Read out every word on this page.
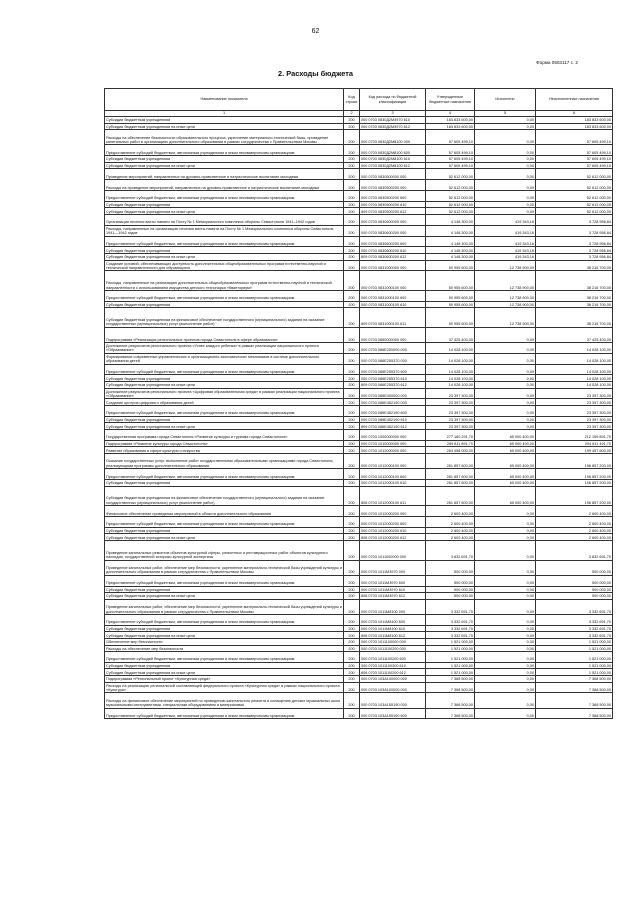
62
Форма 0503117 с. 2
2. Расходы бюджета
Наименование показателя	Код строки	Код расхода по бюджетной классификации	Утвержденные бюджетные назначения	Исполнено	Неисполненные назначения
1	2	3	4	5	6
Субсидии бюджетным учреждениям	200	000 0703 0830Д2М3970 610	183 833 600,00	0,00	183 833 600,00
Субсидии бюджетным учреждениям на иные цели	200	000 0703 0830Д2М3970 612	183 833 600,00	0,00	183 833 600,00
Расходы на обеспечение безопасности образовательного процесса, укрепление материально-технической базы, проведение капитальных работ в организациях дополнительного образования в рамках сотрудничества с Правительством Москвы	200	000 0703 0830Д2М8100 000	57 605 499,10	0,00	57 605 499,10
Предоставление субсидий бюджетным, автономным учреждениям и иным некоммерческим организациям	200	000 0703 0830Д2М8100 600	57 605 499,10	0,00	57 605 499,10
Субсидии бюджетным учреждениям	200	000 0703 0830Д2М8100 610	57 605 499,10	0,00	57 605 499,10
Субсидии бюджетным учреждениям на иные цели	200	000 0703 0830Д2М8100 612	57 605 499,10	0,00	57 605 499,10
Проведение мероприятий, направленных на духовно-нравственное и патриотическое воспитание молодежи	200	000 0703 0830500000 000	52 612 000,00	0,00	52 612 000,00
Расходы на проведение мероприятий, направленных на духовно-нравственное и патриотическое воспитание молодежи	200	000 0703 0830500200 000	52 612 000,00	0,00	52 612 000,00
Предоставление субсидий бюджетным, автономным учреждениям и иным некоммерческим организациям	200	000 0703 0830500200 600	52 612 000,00	0,00	52 612 000,00
Субсидии бюджетным учреждениям	200	000 0703 0830500200 610	52 612 000,00	0,00	52 612 000,00
Субсидии бюджетным учреждениям на иные цели	200	809 0703 0830500200 612	52 612 000,00	0,00	52 612 000,00
Организация несения вахты памяти на Посту № 1 Мемориального комплекса обороны Севастополя 1941–1942 годов	200	000 0703 0830600000 000	4 148 300,00	419 343,16	3 728 956,84
Расходы, направленные на организацию несения вахты памяти на Посту № 1 Мемориального комплекса обороны Севастополя 1941—1942 годов	200	000 0703 0830600200 000	4 148 300,00	419 343,16	3 728 956,84
Предоставление субсидий бюджетным, автономным учреждениям и иным некоммерческим организациям	200	000 0703 0830600200 600	4 148 300,00	419 343,16	3 728 956,84
Субсидии бюджетным учреждениям	200	000 0703 0830600200 610	4 148 300,00	419 343,16	3 728 956,84
Субсидии бюджетным учреждениям на иные цели	200	809 0703 0830600200 612	4 148 300,00	419 343,16	3 728 956,84
Создание условий, обеспечивающих доступность дополнительных общеобразовательных программ естественно-научной и технической направленности для обучающихся	200	000 0703 0831000000 000	50 955 600,00	12 738 900,00	38 216 700,00
Расходы, направленные на реализацию дополнительных общеобразовательных программ естественно-научной и технической направленности с использованием имущества детского технопарка «Кванториум»	200	000 0703 0831000100 000	50 955 600,00	12 738 900,00	38 216 700,00
Предоставление субсидий бюджетным, автономным учреждениям и иным некоммерческим организациям	200	000 0703 0831000100 600	50 955 600,00	12 738 900,00	38 216 700,00
Субсидии бюджетным учреждениям	200	000 0703 0831000100 610	50 955 600,00	12 738 900,00	38 216 700,00
Субсидии бюджетным учреждениям на финансовое обеспечение государственного (муниципального) задания на оказание государственных (муниципальных) услуг (выполнение работ)	200	809 0703 0831000100 611	50 955 600,00	12 738 900,00	38 216 700,00
Подпрограмма «Реализация региональных проектов города Севастополя в сфере образования»	200	000 0703 0860000000 000	37 425 400,00	0,00	37 425 400,00
Достижение результатов регионального проекта «Успех каждого ребенка» в рамках реализации национального проекта «Образование»	200	000 0703 086E200000 000	14 028 100,00	0,00	14 028 100,00
Формирование современных управленческих и организационно-экономических механизмов в системе дополнительного образования детей	200	000 0703 086E255370 000	14 028 100,00	0,00	14 028 100,00
Предоставление субсидий бюджетным, автономным учреждениям и иным некоммерческим организациям	200	000 0703 086E255370 600	14 028 100,00	0,00	14 028 100,00
Субсидии бюджетным учреждениям	200	000 0703 086E255370 610	14 028 100,00	0,00	14 028 100,00
Субсидии бюджетным учреждениям на иные цели	200	809 0703 086E255370 612	14 028 100,00	0,00	14 028 100,00
Достижение результатов регионального проекта «Цифровая образовательная среда» в рамках реализации национального проекта «Образование»	200	000 0703 086E400000 000	23 397 300,00	0,00	23 397 300,00
Создание центров цифрового образования детей	200	000 0703 086E452190 000	23 397 300,00	0,00	23 397 300,00
Предоставление субсидий бюджетным, автономным учреждениям и иным некоммерческим организациям	200	000 0703 086E452190 600	23 397 300,00	0,00	23 397 300,00
Субсидии бюджетным учреждениям	200	000 0703 086E452190 610	23 397 300,00	0,00	23 397 300,00
Субсидии бюджетным учреждениям на иные цели	200	809 0703 086E452190 612	23 397 300,00	0,00	23 397 300,00
Государственная программа города Севастополя «Развитие культуры и туризма города Севастополя»	200	000 0703 1000000000 000	277 160 291,70	65 000 400,00	212 159 891,70
Подпрограмма «Развитие культуры города Севастополя»	200	000 0703 1010000000 000	269 811 891,70	65 000 400,00	204 811 491,70
Развитие образования в сфере культуры и искусства	200	000 0703 1012000000 000	264 458 000,00	65 000 400,00	199 457 600,00
Оказание государственных услуг, выполнение работ государственными образовательными организациями города Севастополя, реализующими программы дополнительного образования	200	000 0703 1012000100 000	261 857 600,00	65 000 400,00	196 857 200,00
Предоставление субсидий бюджетным, автономным учреждениям и иным некоммерческим организациям	200	000 0703 1012000100 600	261 857 600,00	65 000 400,00	196 857 200,00
Субсидии бюджетным учреждениям	200	000 0703 1012000100 610	261 857 600,00	65 000 400,00	196 857 200,00
Субсидии бюджетным учреждениям на финансовое обеспечение государственного (муниципального) задания на оказание государственных (муниципальных) услуг (выполнение работ)	200	808 0703 1012000100 611	261 857 600,00	65 000 400,00	196 857 200,00
Финансовое обеспечение проведения мероприятий в области дополнительного образования	200	000 0703 1012000200 000	2 600 400,00	0,00	2 600 400,00
Предоставление субсидий бюджетным, автономным учреждениям и иным некоммерческим организациям	200	000 0703 1012000200 600	2 600 400,00	0,00	2 600 400,00
Субсидии бюджетным учреждениям	200	000 0703 1012000200 610	2 600 400,00	0,00	2 600 400,00
Субсидии бюджетным учреждениям на иные цели	200	808 0703 1012000200 612	2 600 400,00	0,00	2 600 400,00
Проведение капитальных ремонтов объектов культурной сферы, ремонтных и реставрационных работ объектов культурного наследия, государственной историко-культурной экспертизы	200	000 0703 1011000000 000	3 832 691,70	0,00	3 832 691,70
Проведение капитальных работ, обеспечение мер безопасности, укрепление материально-технической базы учреждений культуры и дополнительного образования в рамках сотрудничества с Правительством Москвы	200	000 0703 1011М3970 000	500 000,00	0,00	500 000,00
Предоставление субсидий бюджетным, автономным учреждениям и иным некоммерческим организациям	200	000 0703 1011М3970 600	500 000,00	0,00	500 000,00
Субсидии бюджетным учреждениям	200	000 0703 1011М3970 610	500 000,00	0,00	500 000,00
Субсидии бюджетным учреждениям на иные цели	200	808 0703 1011М3970 612	500 000,00	0,00	500 000,00
Проведение капитальных работ, обеспечение мер безопасности, укрепление материально-технической базы учреждений культуры и дополнительного образования в рамках сотрудничества с Правительством Москвы	200	000 0703 1011М8100 000	3 332 691,70	0,00	3 332 691,70
Предоставление субсидий бюджетным, автономным учреждениям и иным некоммерческим организациям	200	000 0703 1011М8100 600	3 332 691,70	0,00	3 332 691,70
Субсидии бюджетным учреждениям	200	000 0703 1011М8100 610	3 332 691,70	0,00	3 332 691,70
Субсидии бюджетным учреждениям на иные цели	200	808 0703 1011М8100 612	3 332 691,70	0,00	3 332 691,70
Обеспечение мер безопасности	200	000 0703 1011100000 000	1 521 000,00	0,00	1 521 000,00
Расходы на обеспечение мер безопасности	200	000 0703 1011100200 000	1 521 000,00	0,00	1 521 000,00
Предоставление субсидий бюджетным, автономным учреждениям и иным некоммерческим организациям	200	000 0703 1011100200 600	1 521 000,00	0,00	1 521 000,00
Субсидии бюджетным учреждениям	200	000 0703 1011100200 610	1 521 000,00	0,00	1 521 000,00
Субсидии бюджетным учреждениям на иные цели	200	808 0703 1011100200 612	1 521 000,00	0,00	1 521 000,00
Подпрограмма «Региональный проект «Культурная среда»	200	000 0703 103A100000 000	7 368 500,00	0,00	7 368 500,00
Расходы на реализацию региональной составляющей федерального проекта «Культурная среда» в рамках национального проекта «Культура»	200	000 0703 103A100000 000	7 368 500,00	0,00	7 368 500,00
Расходы на финансовое обеспечение мероприятий по проведению капитального ремонта и оснащению детских музыкальных школ музыкальными инструментами, специальным оборудованием и материалами	200	000 0703 103A155190 000	7 368 500,00	0,00	7 368 500,00
Предоставление субсидий бюджетным, автономным учреждениям и иным некоммерческим организациям	200	000 0703 103A155190 600	7 368 500,00	0,00	7 368 500,00
